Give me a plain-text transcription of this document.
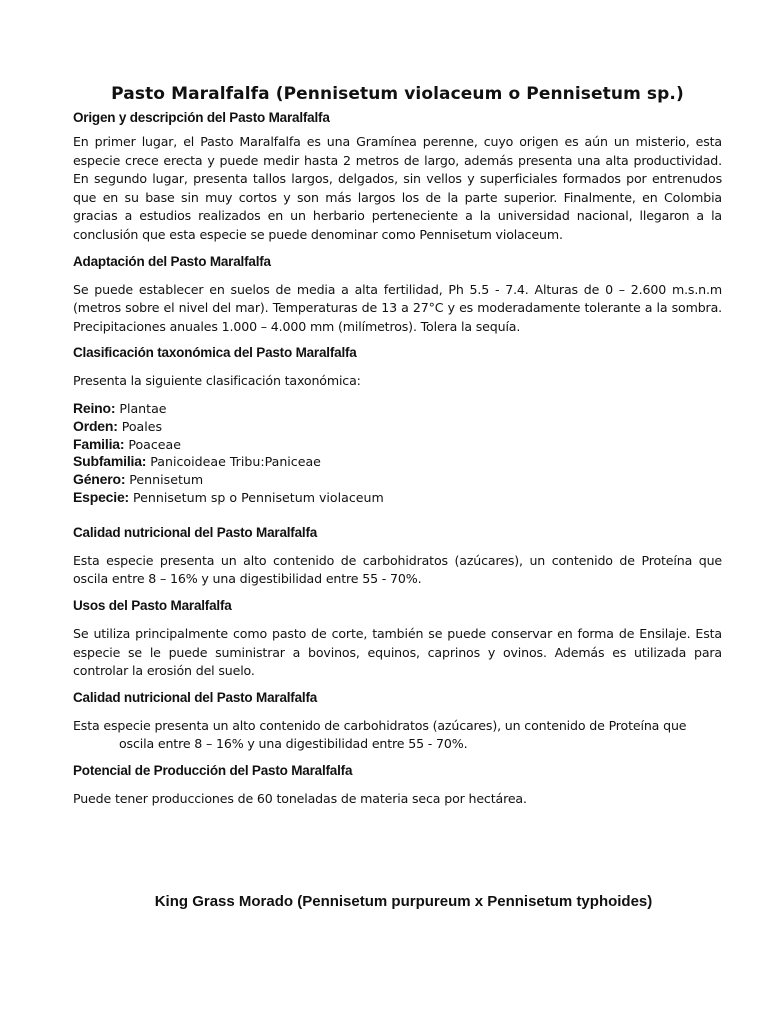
Pasto Maralfalfa (Pennisetum violaceum o Pennisetum sp.)
Origen y descripción del Pasto Maralfalfa

En primer lugar, el Pasto Maralfalfa es una Gramínea perenne, cuyo origen es aún un misterio, esta especie crece erecta y puede medir hasta 2 metros de largo, además presenta una alta productividad. En segundo lugar, presenta tallos largos, delgados, sin vellos y superficiales formados por entrenudos que en su base sin muy cortos y son más largos los de la parte superior. Finalmente, en Colombia gracias a estudios realizados en un herbario perteneciente a la universidad nacional, llegaron a la conclusión que esta especie se puede denominar como Pennisetum violaceum.

Adaptación del Pasto Maralfalfa

Se puede establecer en suelos de media a alta fertilidad, Ph 5.5 - 7.4. Alturas de 0 – 2.600 m.s.n.m (metros sobre el nivel del mar). Temperaturas de 13 a 27°C y es moderadamente tolerante a la sombra. Precipitaciones anuales 1.000 – 4.000 mm (milímetros). Tolera la sequía.

Clasificación taxonómica del Pasto Maralfalfa

Presenta la siguiente clasificación taxonómica:

Reino: Plantae
Orden: Poales
Familia: Poaceae
Subfamilia: Panicoideae Tribu:Paniceae
Género: Pennisetum
Especie: Pennisetum sp o Pennisetum violaceum
Calidad nutricional del Pasto Maralfalfa

Esta especie presenta un alto contenido de carbohidratos (azúcares), un contenido de Proteína que oscila entre 8 – 16% y una digestibilidad entre 55 - 70%.

Usos del Pasto Maralfalfa

Se utiliza principalmente como pasto de corte, también se puede conservar en forma de Ensilaje. Esta especie se le puede suministrar a bovinos, equinos, caprinos y ovinos. Además es utilizada para controlar la erosión del suelo.

Calidad nutricional del Pasto Maralfalfa

Esta especie presenta un alto contenido de carbohidratos (azúcares), un contenido de Proteína que
oscila entre 8 – 16% y una digestibilidad entre 55 - 70%.

Potencial de Producción del Pasto Maralfalfa

Puede tener producciones de 60 toneladas de materia seca por hectárea.

King Grass Morado (Pennisetum purpureum x Pennisetum typhoides)
